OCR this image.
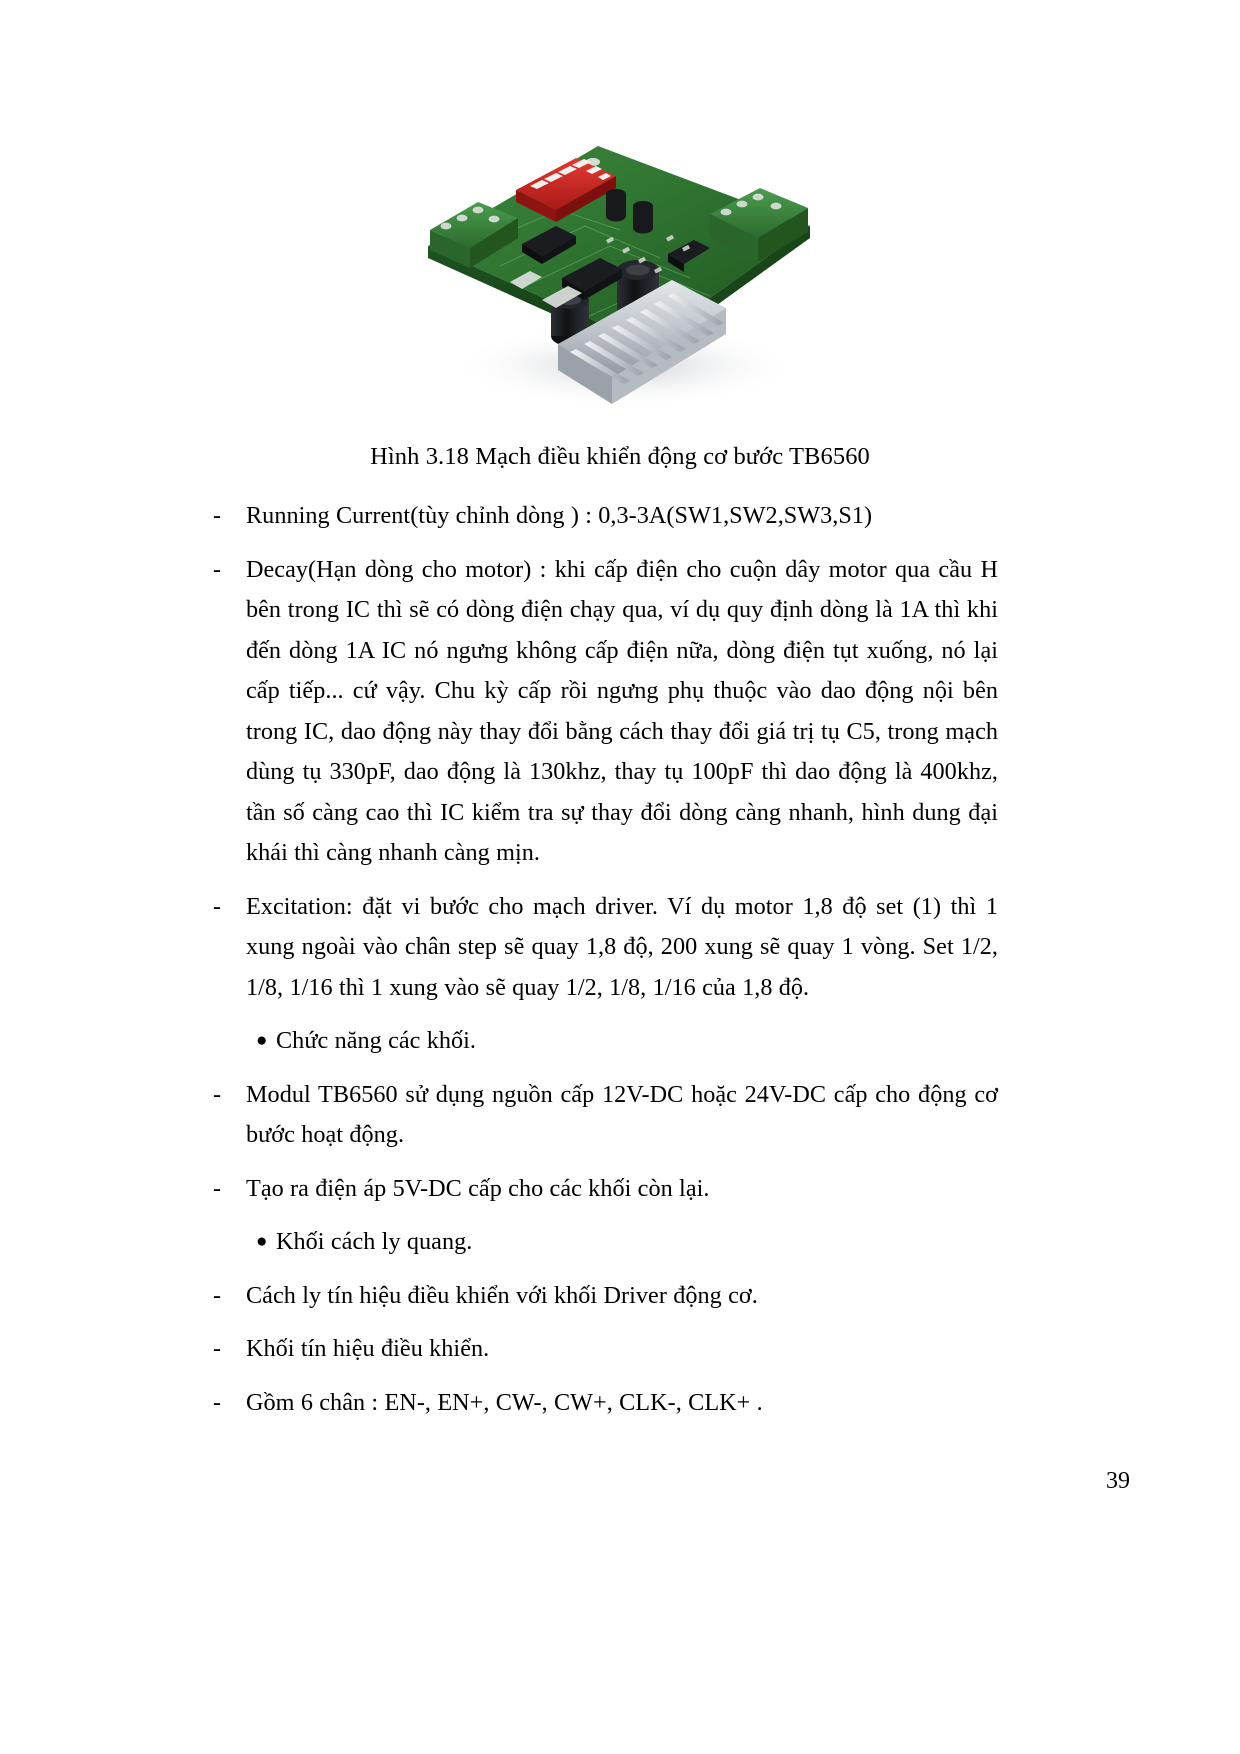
Hình 3.18 Mạch điều khiển động cơ bước TB6560
-	Running Current(tùy chỉnh dòng ) : 0,3-3A(SW1,SW2,SW3,S1)
-	Decay(Hạn dòng cho motor) : khi cấp điện cho cuộn dây motor qua cầu H bên trong IC thì sẽ có dòng điện chạy qua, ví dụ quy định dòng là 1A thì khi đến dòng 1A IC nó ngưng không cấp điện nữa, dòng điện tụt xuống, nó lại cấp tiếp... cứ vậy. Chu kỳ cấp rồi ngưng phụ thuộc vào dao động nội bên trong IC, dao động này thay đổi bằng cách thay đổi giá trị tụ C5, trong mạch dùng tụ 330pF, dao động là 130khz, thay tụ 100pF thì dao động là 400khz, tần số càng cao thì IC kiểm tra sự thay đổi dòng càng nhanh, hình dung đại khái thì càng nhanh càng mịn.
-	Excitation: đặt vi bước cho mạch driver. Ví dụ motor 1,8 độ set (1) thì 1 xung ngoài vào chân step sẽ quay 1,8 độ, 200 xung sẽ quay 1 vòng. Set 1/2, 1/8, 1/16 thì 1 xung vào sẽ quay 1/2, 1/8, 1/16 của 1,8 độ.
● Chức năng các khối.
-	Modul TB6560 sử dụng nguồn cấp 12V-DC hoặc 24V-DC cấp cho động cơ bước hoạt động.
-	Tạo ra điện áp 5V-DC cấp cho các khối còn lại.
● Khối cách ly quang.
-	Cách ly tín hiệu điều khiển với khối Driver động cơ.
-	Khối tín hiệu điều khiển.
-	Gồm 6 chân : EN-, EN+, CW-, CW+, CLK-, CLK+ .
39
